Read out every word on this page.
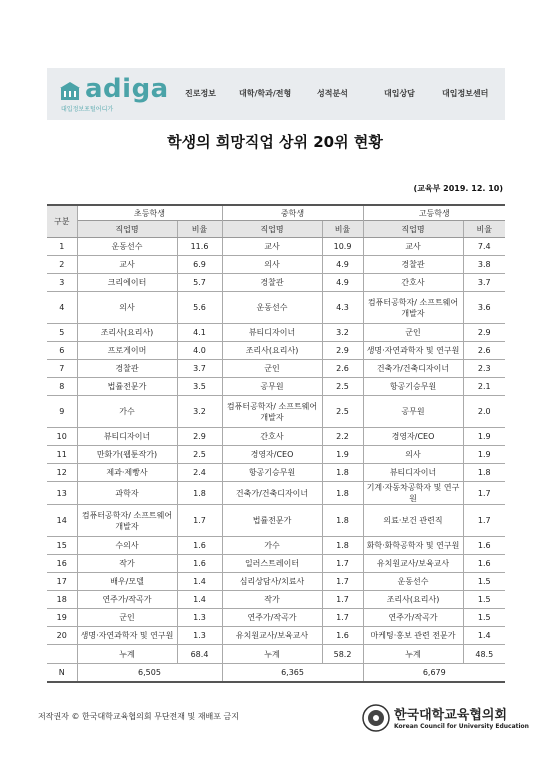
adiga
대입정보포털어디가
진로정보	대학/학과/전형	성적분석	대입상담	대입정보센터
학생의 희망직업 상위 20위 현황
(교육부 2019. 12. 10)
구분	초등학생		중학생		고등학생	
	직업명	비율	직업명	비율	직업명	비율
1	운동선수	11.6	교사	10.9	교사	7.4
2	교사	6.9	의사	4.9	경찰관	3.8
3	크리에이터	5.7	경찰관	4.9	간호사	3.7
4	의사	5.6	운동선수	4.3	컴퓨터공학자/ 소프트웨어개발자	3.6
5	조리사(요리사)	4.1	뷰티디자이너	3.2	군인	2.9
6	프로게이머	4.0	조리사(요리사)	2.9	생명·자연과학자 및 연구원	2.6
7	경찰관	3.7	군인	2.6	건축가/건축디자이너	2.3
8	법률전문가	3.5	공무원	2.5	항공기승무원	2.1
9	가수	3.2	컴퓨터공학자/ 소프트웨어개발자	2.5	공무원	2.0
10	뷰티디자이너	2.9	간호사	2.2	경영자/CEO	1.9
11	만화가(웹툰작가)	2.5	경영자/CEO	1.9	의사	1.9
12	제과·제빵사	2.4	항공기승무원	1.8	뷰티디자이너	1.8
13	과학자	1.8	건축가/건축디자이너	1.8	기계·자동차공학자 및 연구원	1.7
14	컴퓨터공학자/ 소프트웨어개발자	1.7	법률전문가	1.8	의료·보건 관련직	1.7
15	수의사	1.6	가수	1.8	화학·화학공학자 및 연구원	1.6
16	작가	1.6	일러스트레이터	1.7	유치원교사/보육교사	1.6
17	배우/모델	1.4	심리상담사/치료사	1.7	운동선수	1.5
18	연주가/작곡가	1.4	작가	1.7	조리사(요리사)	1.5
19	군인	1.3	연주가/작곡가	1.7	연주가/작곡가	1.5
20	생명·자연과학자 및 연구원	1.3	유치원교사/보육교사	1.6	마케팅·홍보 관련 전문가	1.4
	누계	68.4	누계	58.2	누계	48.5
N	6,505		6,365		6,679	
저작권자 © 한국대학교육협의회 무단전재 및 재배포 금지	한국대학교육협의회
Korean Council for University Education
